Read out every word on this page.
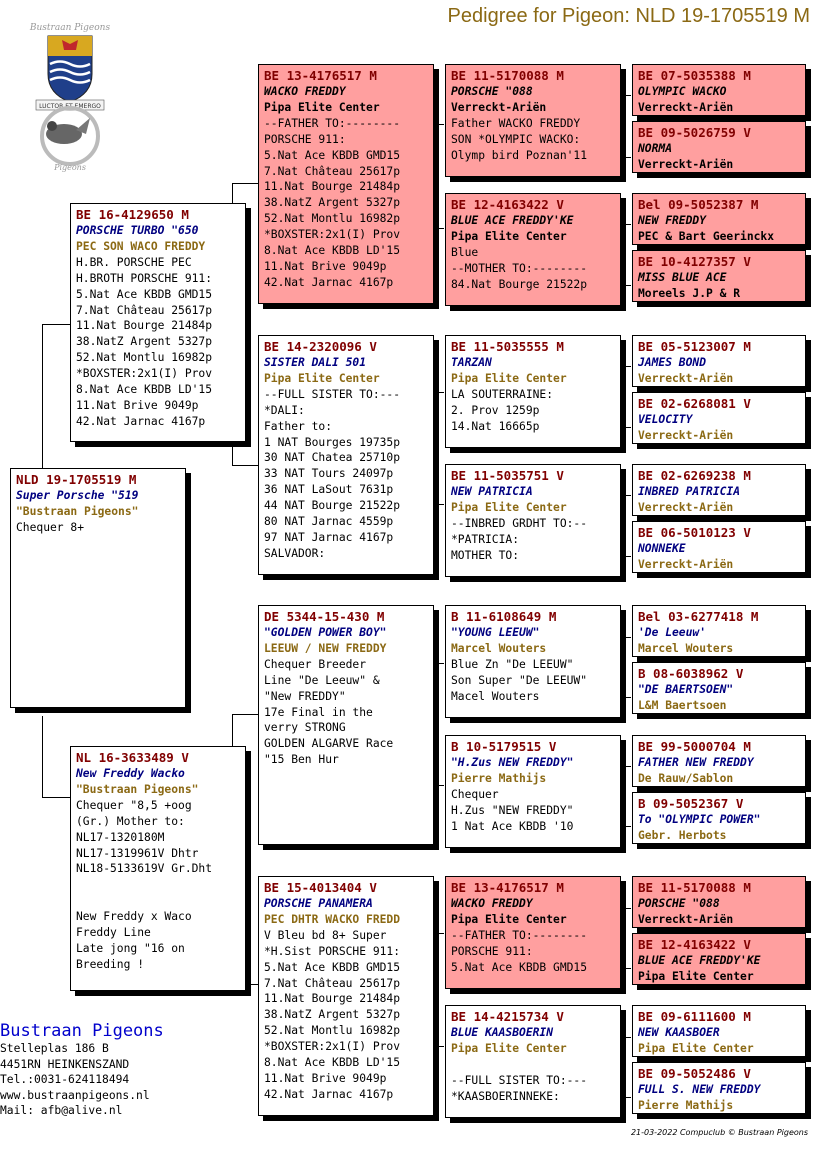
Pedigree for Pigeon: NLD 19-1705519 M
Bustraan Pigeons
LUCTOR ET EMERGO
Pigeons
NLD 19-1705519 M
Super Porsche "519
"Bustraan Pigeons"
Chequer 8+
BE 16-4129650 M
PORSCHE TURBO "650
PEC SON WACO FREDDY
H.BR. PORSCHE PEC
H.BROTH PORSCHE 911:
5.Nat Ace KBDB GMD15
7.Nat Château 25617p
11.Nat Bourge 21484p
38.NatZ Argent 5327p
52.Nat Montlu 16982p
*BOXSTER:2x1(I) Prov
8.Nat Ace KBDB LD'15
11.Nat Brive 9049p
42.Nat Jarnac 4167p
NL 16-3633489 V
New Freddy Wacko
"Bustraan Pigeons"
Chequer "8,5 +oog
(Gr.) Mother to:
NL17-1320180M
NL17-1319961V Dhtr
NL18-5133619V Gr.Dht

New Freddy x Waco
Freddy Line
Late jong "16 on
Breeding !
BE 13-4176517 M
WACKO FREDDY
Pipa Elite Center
--FATHER TO:--------
PORSCHE 911:
5.Nat Ace KBDB GMD15
7.Nat Château 25617p
11.Nat Bourge 21484p
38.NatZ Argent 5327p
52.Nat Montlu 16982p
*BOXSTER:2x1(I) Prov
8.Nat Ace KBDB LD'15
11.Nat Brive 9049p
42.Nat Jarnac 4167p
BE 14-2320096 V
SISTER DALI 501
Pipa Elite Center
--FULL SISTER TO:---
*DALI:
Father to:
1 NAT Bourges 19735p
30 NAT Chatea 25710p
33 NAT Tours 24097p
36 NAT LaSout 7631p
44 NAT Bourge 21522p
80 NAT Jarnac 4559p
97 NAT Jarnac 4167p
SALVADOR:
DE 5344-15-430 M
"GOLDEN POWER BOY"
LEEUW / NEW FREDDY
Chequer Breeder
Line "De Leeuw" &
"New FREDDY"
17e Final in the
verry STRONG
GOLDEN ALGARVE Race
"15 Ben Hur
BE 15-4013404 V
PORSCHE PANAMERA
PEC DHTR WACKO FREDD
V Bleu bd 8+ Super
*H.Sist PORSCHE 911:
5.Nat Ace KBDB GMD15
7.Nat Château 25617p
11.Nat Bourge 21484p
38.NatZ Argent 5327p
52.Nat Montlu 16982p
*BOXSTER:2x1(I) Prov
8.Nat Ace KBDB LD'15
11.Nat Brive 9049p
42.Nat Jarnac 4167p
BE 11-5170088 M
PORSCHE "088
Verreckt-Ariën
Father WACKO FREDDY
SON *OLYMPIC WACKO:
Olymp bird Poznan'11
BE 12-4163422 V
BLUE ACE FREDDY'KE
Pipa Elite Center
Blue
--MOTHER TO:--------
84.Nat Bourge 21522p
BE 11-5035555 M
TARZAN
Pipa Elite Center
LA SOUTERRAINE:
2. Prov 1259p
14.Nat 16665p
BE 11-5035751 V
NEW PATRICIA
Pipa Elite Center
--INBRED GRDHT TO:--
*PATRICIA:
MOTHER TO:
B 11-6108649 M
"YOUNG LEEUW"
Marcel Wouters
Blue Zn "De LEEUW"
Son Super "De LEEUW"
Macel Wouters
B 10-5179515 V
"H.Zus NEW FREDDY"
Pierre Mathijs
Chequer
H.Zus "NEW FREDDY"
1 Nat Ace KBDB '10
BE 13-4176517 M
WACKO FREDDY
Pipa Elite Center
--FATHER TO:--------
PORSCHE 911:
5.Nat Ace KBDB GMD15
BE 14-4215734 V
BLUE KAASBOERIN
Pipa Elite Center

--FULL SISTER TO:---
*KAASBOERINNEKE:
BE 07-5035388 M
OLYMPIC WACKO
Verreckt-Ariën
BE 09-5026759 V
NORMA
Verreckt-Ariën
Bel 09-5052387 M
NEW FREDDY
PEC & Bart Geerinckx
BE 10-4127357 V
MISS BLUE ACE
Moreels J.P & R
BE 05-5123007 M
JAMES BOND
Verreckt-Ariën
BE 02-6268081 V
VELOCITY
Verreckt-Ariën
BE 02-6269238 M
INBRED PATRICIA
Verreckt-Ariën
BE 06-5010123 V
NONNEKE
Verreckt-Ariën
Bel 03-6277418 M
'De Leeuw'
Marcel Wouters
B 08-6038962 V
"DE BAERTSOEN"
L&M Baertsoen
BE 99-5000704 M
FATHER NEW FREDDY
De Rauw/Sablon
B 09-5052367 V
To "OLYMPIC POWER"
Gebr. Herbots
BE 11-5170088 M
PORSCHE "088
Verreckt-Ariën
BE 12-4163422 V
BLUE ACE FREDDY'KE
Pipa Elite Center
BE 09-6111600 M
NEW KAASBOER
Pipa Elite Center
BE 09-5052486 V
FULL S. NEW FREDDY
Pierre Mathijs
Bustraan Pigeons
Stelleplas 186 B
4451RN HEINKENSZAND
Tel.:0031-624118494
www.bustraanpigeons.nl
Mail: afb@alive.nl
21-03-2022 Compuclub © Bustraan Pigeons
